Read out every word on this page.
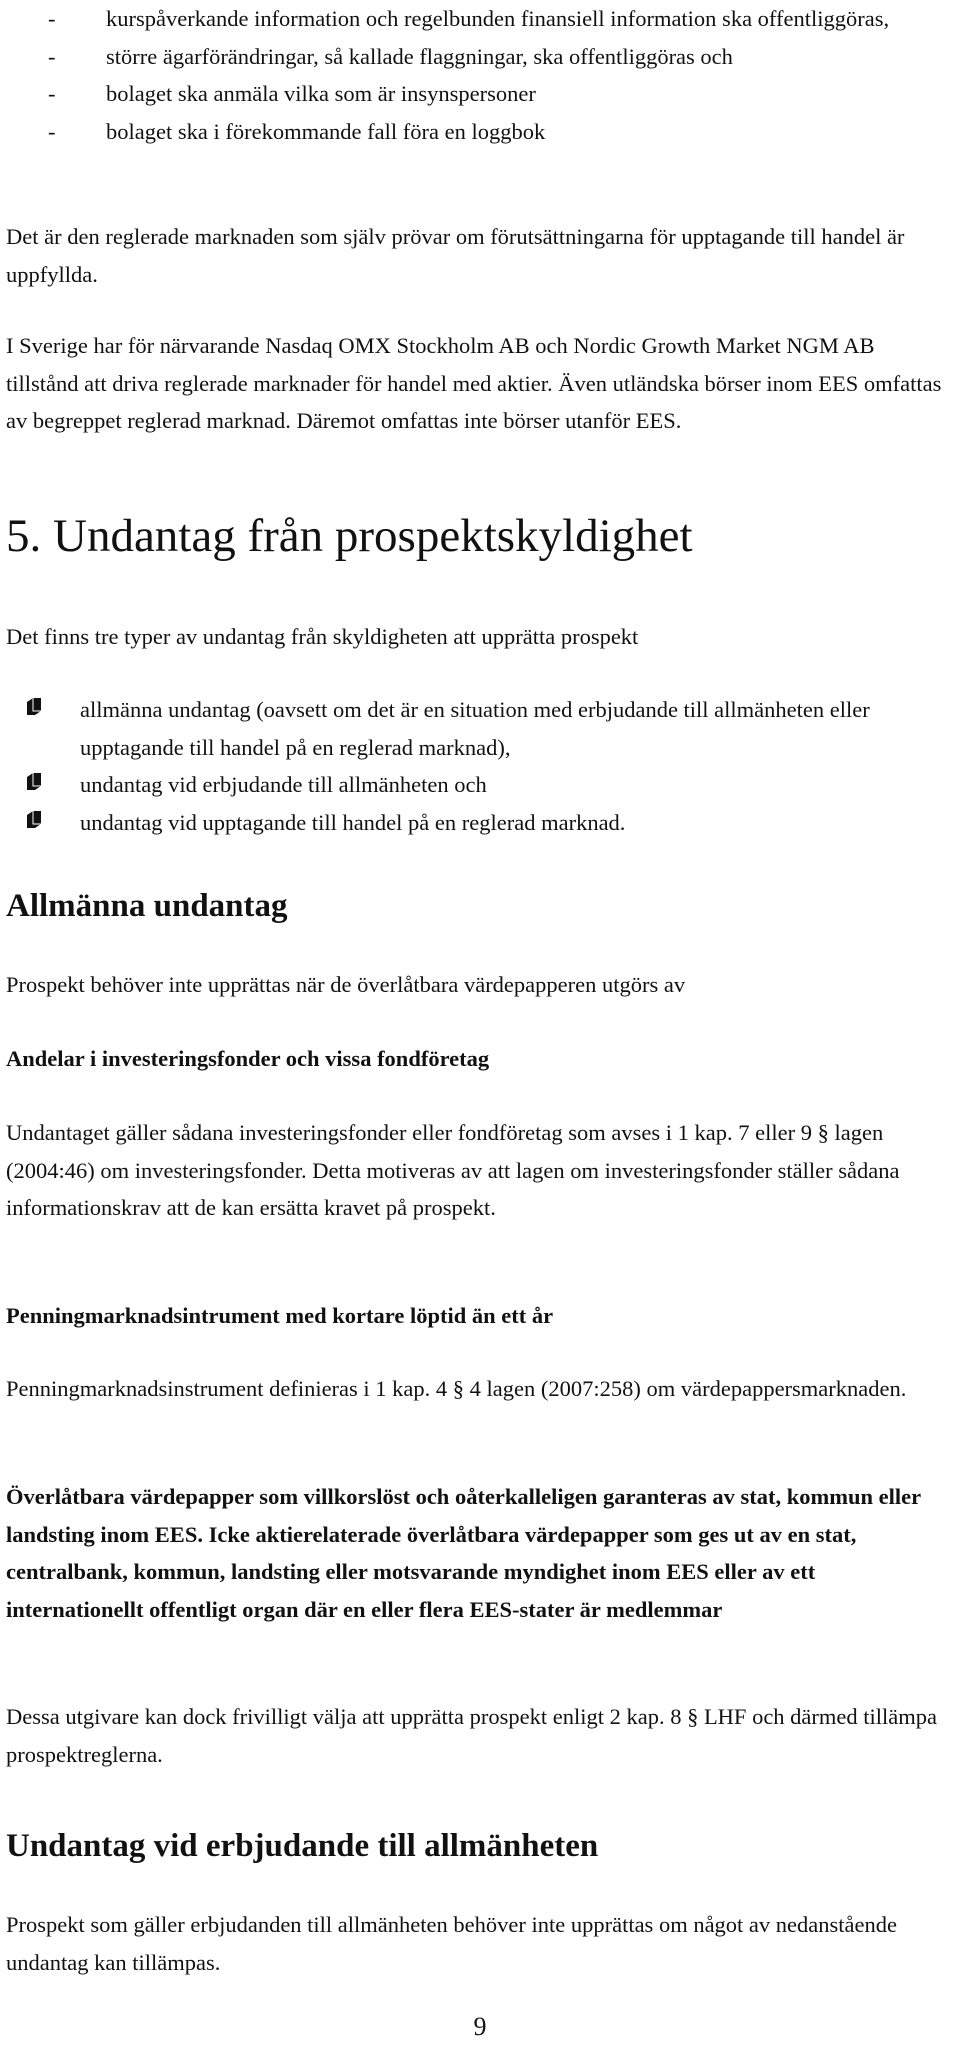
- kurspåverkande information och regelbunden finansiell information ska offentliggöras,
- större ägarförändringar, så kallade flaggningar, ska offentliggöras och
- bolaget ska anmäla vilka som är insynspersoner
- bolaget ska i förekommande fall föra en loggbok

Det är den reglerade marknaden som själv prövar om förutsättningarna för upptagande till handel är uppfyllda.

I Sverige har för närvarande Nasdaq OMX Stockholm AB och Nordic Growth Market NGM AB tillstånd att driva reglerade marknader för handel med aktier. Även utländska börser inom EES omfattas av begreppet reglerad marknad. Däremot omfattas inte börser utanför EES.

5. Undantag från prospektskyldighet

Det finns tre typer av undantag från skyldigheten att upprätta prospekt

allmänna undantag (oavsett om det är en situation med erbjudande till allmänheten eller upptagande till handel på en reglerad marknad),
undantag vid erbjudande till allmänheten och
undantag vid upptagande till handel på en reglerad marknad.
Allmänna undantag

Prospekt behöver inte upprättas när de överlåtbara värdepapperen utgörs av

Andelar i investeringsfonder och vissa fondföretag

Undantaget gäller sådana investeringsfonder eller fondföretag som avses i 1 kap. 7 eller 9 § lagen (2004:46) om investeringsfonder. Detta motiveras av att lagen om investeringsfonder ställer sådana informationskrav att de kan ersätta kravet på prospekt.

Penningmarknadsintrument med kortare löptid än ett år

Penningmarknadsinstrument definieras i 1 kap. 4 § 4 lagen (2007:258) om värdepappersmarknaden.

Överlåtbara värdepapper som villkorslöst och oåterkalleligen garanteras av stat, kommun eller landsting inom EES. Icke aktierelaterade överlåtbara värdepapper som ges ut av en stat, centralbank, kommun, landsting eller motsvarande myndighet inom EES eller av ett internationellt offentligt organ där en eller flera EES-stater är medlemmar

Dessa utgivare kan dock frivilligt välja att upprätta prospekt enligt 2 kap. 8 § LHF och därmed tillämpa prospektreglerna.

Undantag vid erbjudande till allmänheten

Prospekt som gäller erbjudanden till allmänheten behöver inte upprättas om något av nedanstående undantag kan tillämpas.

9
